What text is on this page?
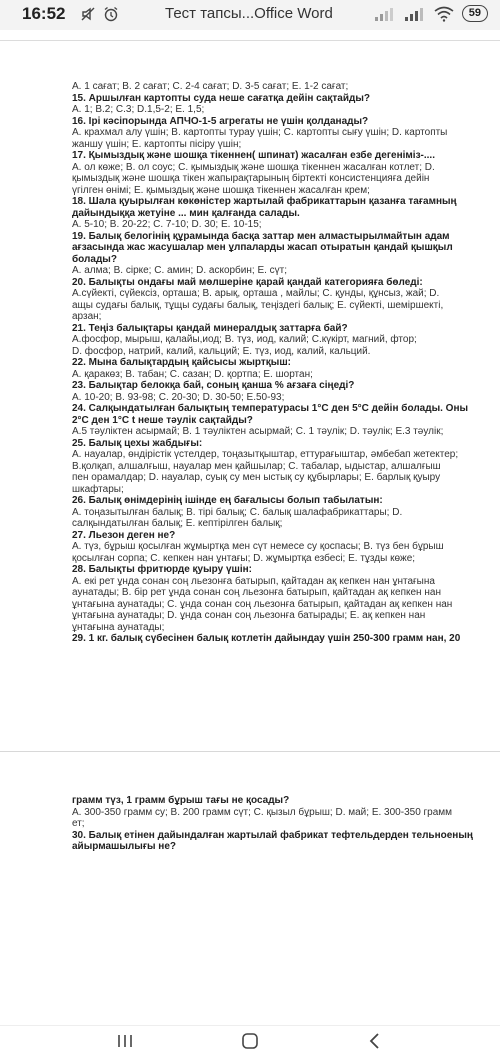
16:52	Тест тапсы...Office Word	59
A. 1 сағат; B. 2 сағат; C. 2-4 сағат; D. 3-5 сағат; E. 1-2 сағат;
15. Аршылған картопты суда неше сағатқа дейін сақтайды?
A. 1; B.2; C.3; D.1,5-2; E. 1,5;
16. Ірі кәсіпорында АПЧО-1-5 агрегаты не үшін қолданады?
A. крахмал алу үшін; B. картопты турау үшін; C. картопты сығу үшін; D. картопты
жаншу үшін; E. картопты пісіру үшін;
17. Қымыздық және шошқа тікеннен( шпинат) жасалған езбе дегеніміз-....
A. ол көже; B. ол соус; C. қымыздық және шошқа тікеннен жасалған котлет; D.
қымыздық және шошқа тікен жапырақтарының біртекті консистенцияға дейін
үгілген өнімі; E. қымыздық және шошқа тікеннен жасалған крем;
18. Шала қуырылған көкөністер жартылай фабрикаттарын қазанға тағамның
дайындыққа жетуіне ... мин қалғанда салады.
A. 5-10; B. 20-22; C. 7-10; D. 30; E. 10-15;
19. Балық белогінің құрамында басқа заттар мен алмастырылмайтын адам
ағзасында жас жасушалар мен ұлпаларды жасап отыратын қандай қышқыл
болады?
A. алма; B. сірке; C. амин; D. аскорбин; E. сүт;
20. Балықты ондағы май мөлшеріне қарай қандай категорияға бөледі:
A.сүйекті, сүйексіз, орташа; B. арық, орташа , майлы; C. қунды, құнсыз, жай; D.
ащы судағы балық, тұщы судағы балық, теңіздегі балық; E. сүйекті, шеміршекті,
арзан;
21. Теңіз балықтары қандай минералдық заттарға бай?
A.фосфор, мырыш, қалайы,иод; B. түз, иод, калий; C.күкірт, магний, фтор;
D. фосфор, натрий, калий, кальций; E. түз, иод, калий, кальций.
22. Мына балықтардың қайсысы жыртқыш:
A. қаракөз; B. табан; C. сазан; D. қортпа; E. шортан;
23. Балықтар белокқа бай, соның қанша % ағзаға сіңеді?
A. 10-20; B. 93-98; C. 20-30; D. 30-50; E.50-93;
24. Салқындатылған балықтың температурасы 1°С ден 5°С дейін болады. Оны
2°С ден 1°С t неше тәулік сақтайды?
A.5 тәуліктен асырмай; B. 1 тәуліктен асырмай; C. 1 тәулік; D. тәулік; E.3 тәулік;
25. Балық цехы жабдығы:
A. науалар, өндірістік үстелдер, тоңазытқыштар, еттурағыштар, әмбебап жетектер;
B.қолқап, алшалғыш, науалар мен қайшылар; C. табалар, ыдыстар, алшалғыш
пен орамалдар; D. науалар, суық су мен ыстық су құбырлары; E. барлық қуыру
шкафтары;
26. Балық өнімдерінің ішінде ең бағалысы болып табылатын:
A. тоңазытылған балық; B. тірі балық; C. балық шалафабрикаттары; D.
салқындатылған балық; E. кептірілген балық;
27. Льезон деген не?
A. түз, бұрыш қосылған жұмыртқа мен сүт немесе су қоспасы; B. түз бен бұрыш
қосылған сорпа; C. кепкен нан ұнтағы; D. жұмыртқа езбесі; E. тұзды көже;
28. Балықты фритюрде қуыру үшін:
A. екі рет ұнда сонан соң льезонға батырып, қайтадан ақ кепкен нан ұнтағына
аунатады; B. бір рет ұнда сонан соң льезонға батырып, қайтадан ақ кепкен нан
ұнтағына аунатады; C. ұнда сонан соң льезонға батырып, қайтадан ақ кепкен нан
ұнтағына аунатады; D. ұнда сонан соң льезонға батырады; E. ақ кепкен нан
ұнтағына аунатады;
29. 1 кг. балық сүбесінен балық котлетін дайындау үшін 250-300 грамм нан, 20
грамм түз, 1 грамм бұрыш тағы не қосады?
A. 300-350 грамм су; B. 200 грамм сүт; C. қызыл бұрыш; D. май; E. 300-350 грамм
ет;
30. Балық етінен дайындалған жартылай фабрикат тефтельдерден тельноеның
айырмашылығы не?
